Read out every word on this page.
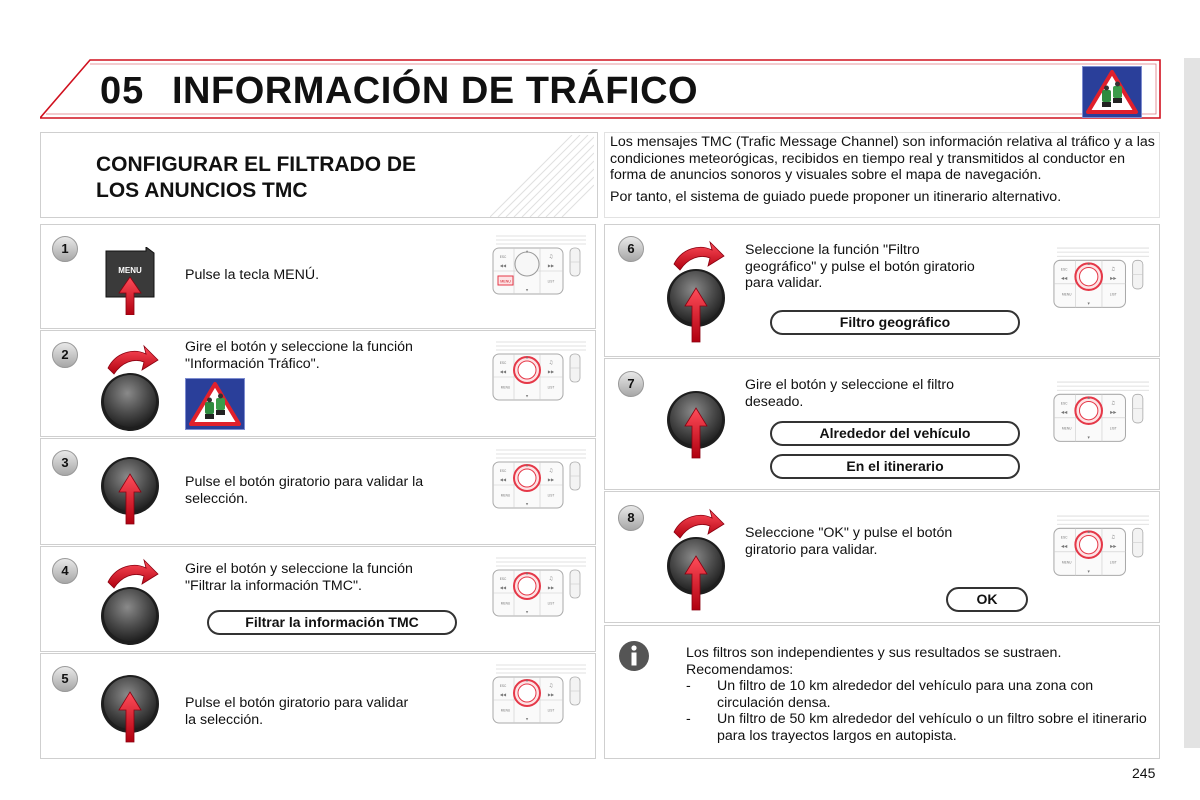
05 INFORMACIÓN DE TRÁFICO
CONFIGURAR EL FILTRADO DE
LOS ANUNCIOS TMC

Los mensajes TMC (Trafic Message Channel) son información relativa al tráfico y a las condiciones meteorógicas, recibidos en tiempo real y transmitidos al conductor en forma de anuncios sonoros y visuales sobre el mapa de navegación.

Por tanto, el sistema de guiado puede proponer un itinerario alternativo.

ESC	♫
◀◀	▶▶
MENU	LIST
▲
▼
ESC	♫
◀◀	▶▶
MENU	LIST
▲
▼
ESC	♫
◀◀	▶▶
MENU	LIST
▲
▼
ESC	♫
◀◀	▶▶
MENU	LIST
▲
▼
ESC	♫
◀◀	▶▶
MENU	LIST
▲
▼
ESC	♫
◀◀	▶▶
MENU	LIST
▲
▼
ESC	♫
◀◀	▶▶
MENU	LIST
▲
▼
ESC	♫
◀◀	▶▶
MENU	LIST
▲
▼
1
MENU	Pulse la tecla MENÚ.
2	Gire el botón y seleccione la función
"Información Tráfico".
3
Pulse el botón giratorio para validar la
selección.
4	Gire el botón y seleccione la función
"Filtrar la información TMC".
Filtrar la información TMC
5
Pulse el botón giratorio para validar
la selección.
6	Seleccione la función "Filtro
geográfico" y pulse el botón giratorio
para validar.
Filtro geográfico
7	Gire el botón y seleccione el filtro
deseado.
Alrededor del vehículo
En el itinerario
8
Seleccione "OK" y pulse el botón
giratorio para validar.
OK
Los filtros son independientes y sus resultados se sustraen.
Recomendamos:
- Un filtro de 10 km alrededor del vehículo para una zona con circulación densa.
- Un filtro de 50 km alrededor del vehículo o un filtro sobre el itinerario para los trayectos largos en autopista.
245
